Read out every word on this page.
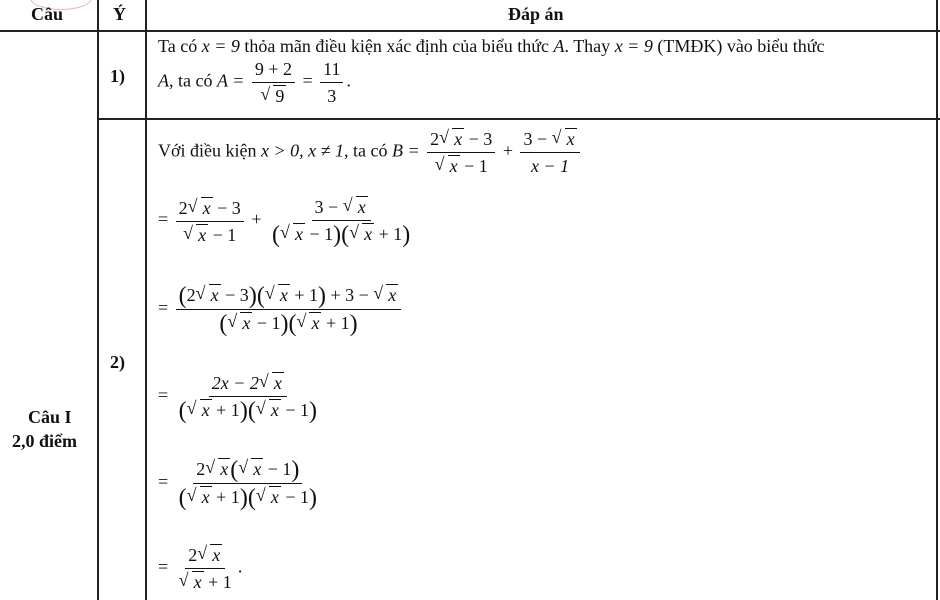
Câu	Ý	Đáp án
Câu I
2,0 điểm
1)
2)
Ta có x = 9 thỏa mãn điều kiện xác định của biểu thức A. Thay x = 9 (TMĐK) vào biểu thức
A, ta có A = 9 + 2
√ $9 = \frac{11}{3}$ .
Với điều kiện x > 0, x ≠ 1, ta có B = 2 √ x − 3
√ $x - 1 + \frac{3 - √ x}{x - 1}$
= 2 √ x − 3
√ $x - 1 + \frac{3 - √ x}{( √ x - 1)( √ x + 1)}$
= $\frac{(2 √ x - 3)( √ x + 1) + 3 - √ x}{( √ x - 1)( √ x + 1)}$
= $\frac{2x - 2 √ x}{( √ x + 1)( √ x - 1)}$
= $\frac{2 √ x( √ x - 1)}{( √ x + 1)( √ x - 1)}$
= 2 √ x
√ x + 1 .
